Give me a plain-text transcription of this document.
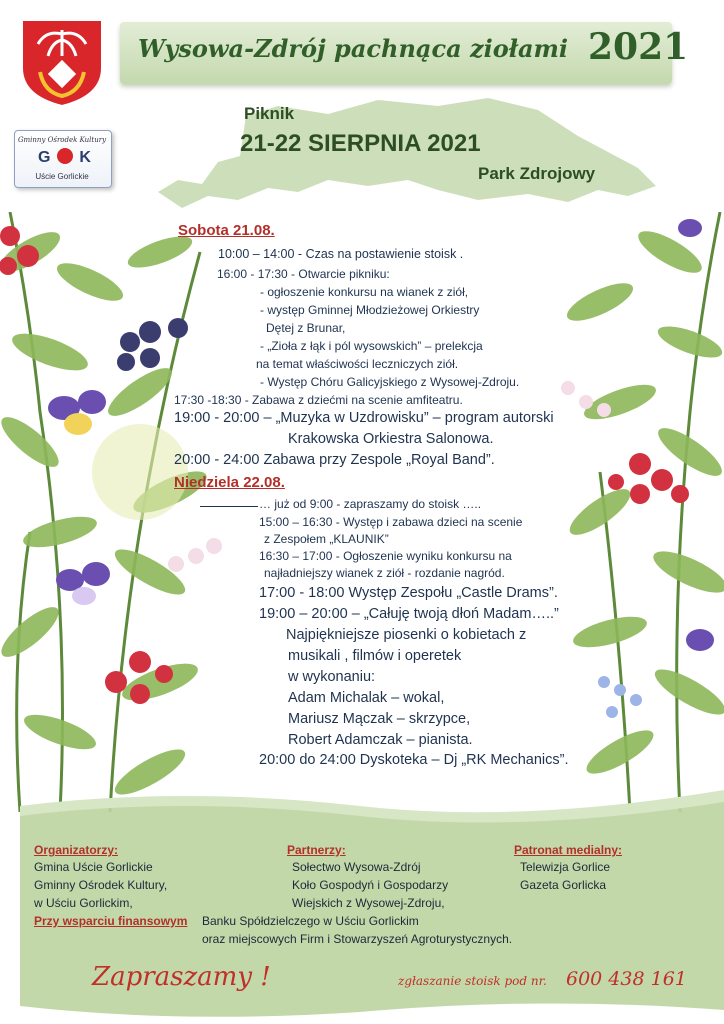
Gminny Ośrodek Kultury
G K
Uście Gorlickie
Wysowa-Zdrój pachnąca ziołami 2021
Piknik
21-22 SIERPNIA 2021
Park Zdrojowy
Sobota 21.08.
10:00 – 14:00 - Czas na postawienie stoisk .
16:00 - 17:30 - Otwarcie pikniku:
- ogłoszenie konkursu na wianek z ziół,
- występ Gminnej Młodzieżowej Orkiestry
Dętej z Brunar,
- „Zioła z łąk i pól wysowskich” – prelekcja
na temat właściwości leczniczych ziół.
- Występ Chóru Galicyjskiego z Wysowej-Zdroju.
17:30 -18:30 - Zabawa z dziećmi na scenie amfiteatru.
19:00 - 20:00 – „Muzyka w Uzdrowisku” – program autorski
Krakowska Orkiestra Salonowa.
20:00 - 24:00 Zabawa przy Zespole „Royal Band”.
Niedziela 22.08.
… już od 9:00 - zapraszamy do stoisk …..
15:00 – 16:30 - Występ i zabawa dzieci na scenie
z Zespołem „KLAUNIK”
16:30 – 17:00 - Ogłoszenie wyniku konkursu na
najładniejszy wianek z ziół - rozdanie nagród.
17:00 - 18:00 Występ Zespołu „Castle Drams”.
19:00 – 20:00 – „Całuję twoją dłoń Madam…..”
Najpiękniejsze piosenki o kobietach z
musikali , filmów i operetek
w wykonaniu:
Adam Michalak – wokal,
Mariusz Mączak – skrzypce,
Robert Adamczak – pianista.
20:00 do 24:00 Dyskoteka – Dj „RK Mechanics”.
Organizatorzy:
Gmina Uście Gorlickie
Gminny Ośrodek Kultury,
w Uściu Gorlickim,
Przy wsparciu finansowym
Partnerzy:
Sołectwo Wysowa-Zdrój
Koło Gospodyń i Gospodarzy
Wiejskich z Wysowej-Zdroju,
Patronat medialny:
Telewizja Gorlice
Gazeta Gorlicka
Banku Spółdzielczego w Uściu Gorlickim
oraz miejscowych Firm i Stowarzyszeń Agroturystycznych.
Zapraszamy !	zgłaszanie stoisk pod nr. 600 438 161
